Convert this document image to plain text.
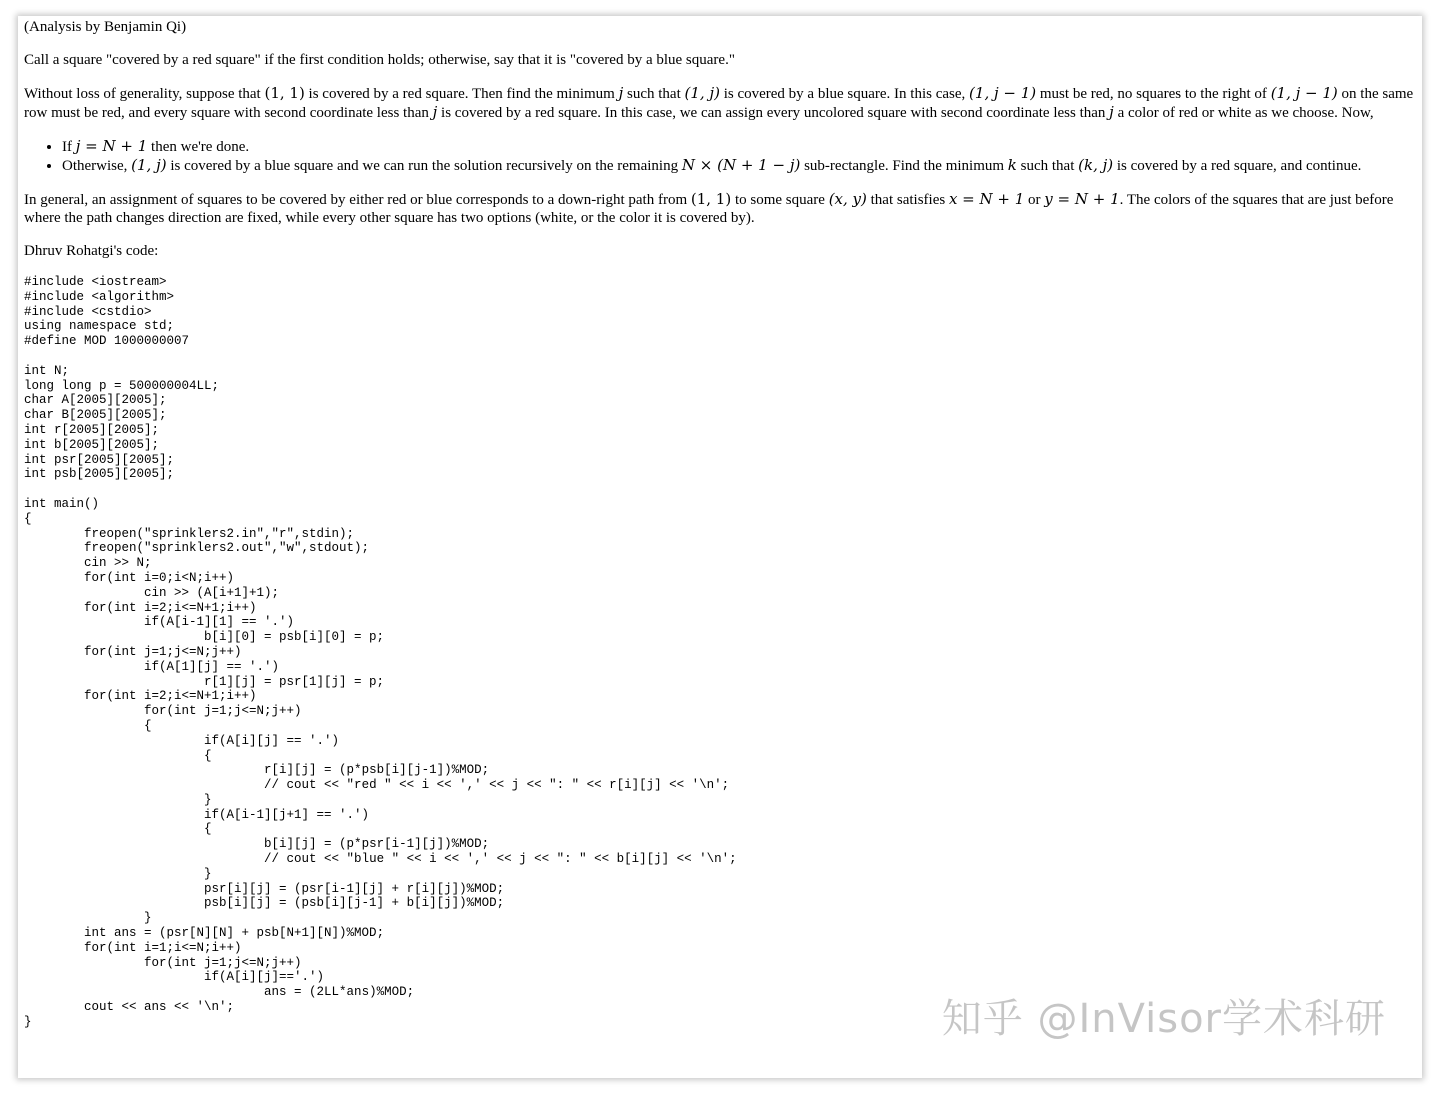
(Analysis by Benjamin Qi)

Call a square "covered by a red square" if the first condition holds; otherwise, say that it is "covered by a blue square."

Without loss of generality, suppose that (1, 1) is covered by a red square. Then find the minimum j such that (1, j) is covered by a blue square. In this case, (1, j − 1) must be red, no squares to the right of (1, j − 1) on the same row must be red, and every square with second coordinate less than j is covered by a red square. In this case, we can assign every uncolored square with second coordinate less than j a color of red or white as we choose. Now,

• If j = N + 1 then we're done.
• Otherwise, (1, j) is covered by a blue square and we can run the solution recursively on the remaining N × (N + 1 − j) sub-rectangle. Find the minimum k such that (k, j) is covered by a red square, and continue.

In general, an assignment of squares to be covered by either red or blue corresponds to a down-right path from (1, 1) to some square (x, y) that satisfies x = N + 1 or y = N + 1. The colors of the squares that are just before where the path changes direction are fixed, while every other square has two options (white, or the color it is covered by).

Dhruv Rohatgi's code:

#include <iostream>
#include <algorithm>
#include <cstdio>
using namespace std;
#define MOD 1000000007

int N;
long long p = 500000004LL;
char A[2005][2005];
char B[2005][2005];
int r[2005][2005];
int b[2005][2005];
int psr[2005][2005];
int psb[2005][2005];

int main()
{
	freopen("sprinklers2.in","r",stdin);
	freopen("sprinklers2.out","w",stdout);
	cin >> N;
	for(int i=0;i<N;i++)
		cin >> (A[i+1]+1);
	for(int i=2;i<=N+1;i++)
		if(A[i-1][1] == '.')
			b[i][0] = psb[i][0] = p;
	for(int j=1;j<=N;j++)
		if(A[1][j] == '.')
			r[1][j] = psr[1][j] = p;
	for(int i=2;i<=N+1;i++)
		for(int j=1;j<=N;j++)
		{
			if(A[i][j] == '.')
			{
				r[i][j] = (p*psb[i][j-1])%MOD;
				// cout << "red " << i << ',' << j << ": " << r[i][j] << '\n';
			}
			if(A[i-1][j+1] == '.')
			{
				b[i][j] = (p*psr[i-1][j])%MOD;
				// cout << "blue " << i << ',' << j << ": " << b[i][j] << '\n';
			}
			psr[i][j] = (psr[i-1][j] + r[i][j])%MOD;
			psb[i][j] = (psb[i][j-1] + b[i][j])%MOD;
		}
	int ans = (psr[N][N] + psb[N+1][N])%MOD;
	for(int i=1;i<=N;i++)
		for(int j=1;j<=N;j++)
			if(A[i][j]=='.')
				ans = (2LL*ans)%MOD;
	cout << ans << '\n';
}	知乎 @InVisor学术科研
